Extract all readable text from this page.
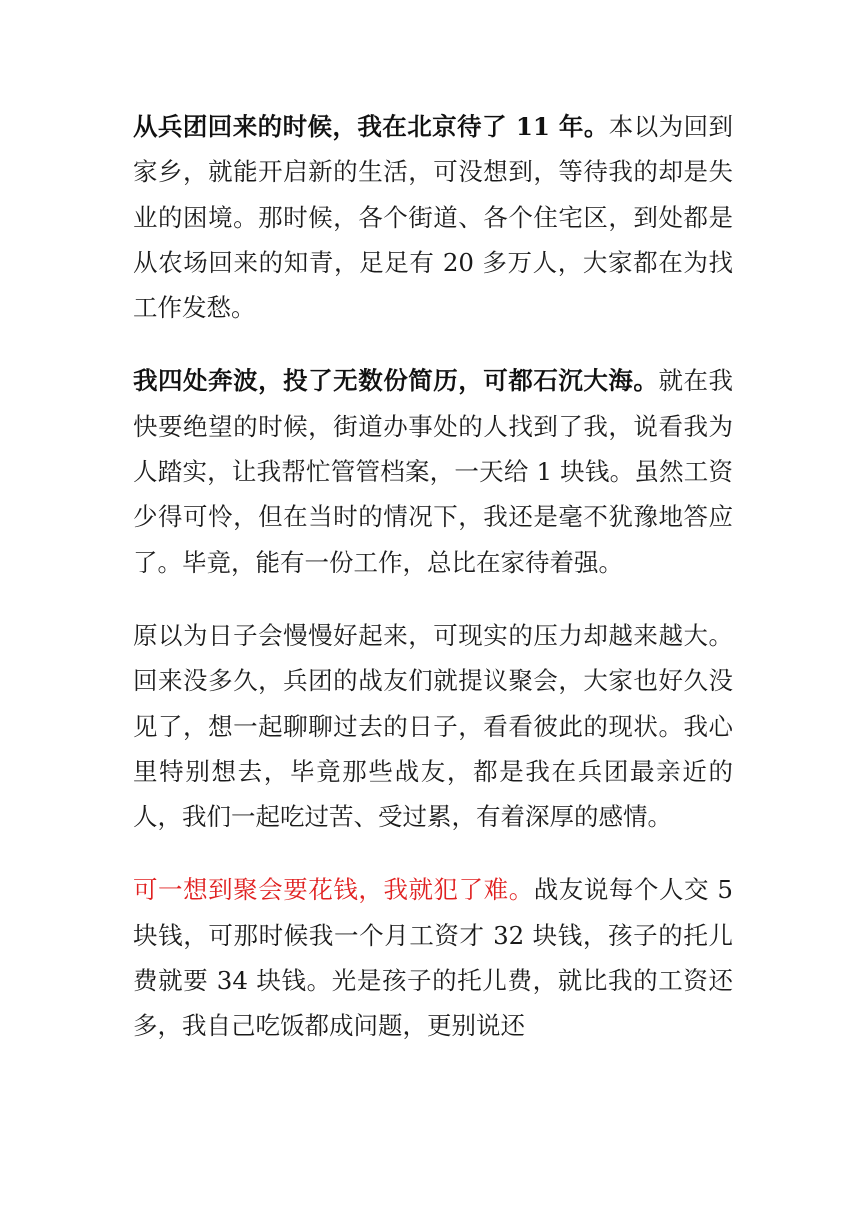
从兵团回来的时候，我在北京待了 11 年。本以为回到家乡，就能开启新的生活，可没想到，等待我的却是失业的困境。那时候，各个街道、各个住宅区，到处都是从农场回来的知青，足足有 20 多万人，大家都在为找工作发愁。

我四处奔波，投了无数份简历，可都石沉大海。就在我快要绝望的时候，街道办事处的人找到了我，说看我为人踏实，让我帮忙管管档案，一天给 1 块钱。虽然工资少得可怜，但在当时的情况下，我还是毫不犹豫地答应了。毕竟，能有一份工作，总比在家待着强。

原以为日子会慢慢好起来，可现实的压力却越来越大。回来没多久，兵团的战友们就提议聚会，大家也好久没见了，想一起聊聊过去的日子，看看彼此的现状。我心里特别想去，毕竟那些战友，都是我在兵团最亲近的人，我们一起吃过苦、受过累，有着深厚的感情。

可一想到聚会要花钱，我就犯了难。战友说每个人交 5 块钱，可那时候我一个月工资才 32 块钱，孩子的托儿费就要 34 块钱。光是孩子的托儿费，就比我的工资还多，我自己吃饭都成问题，更别说还
